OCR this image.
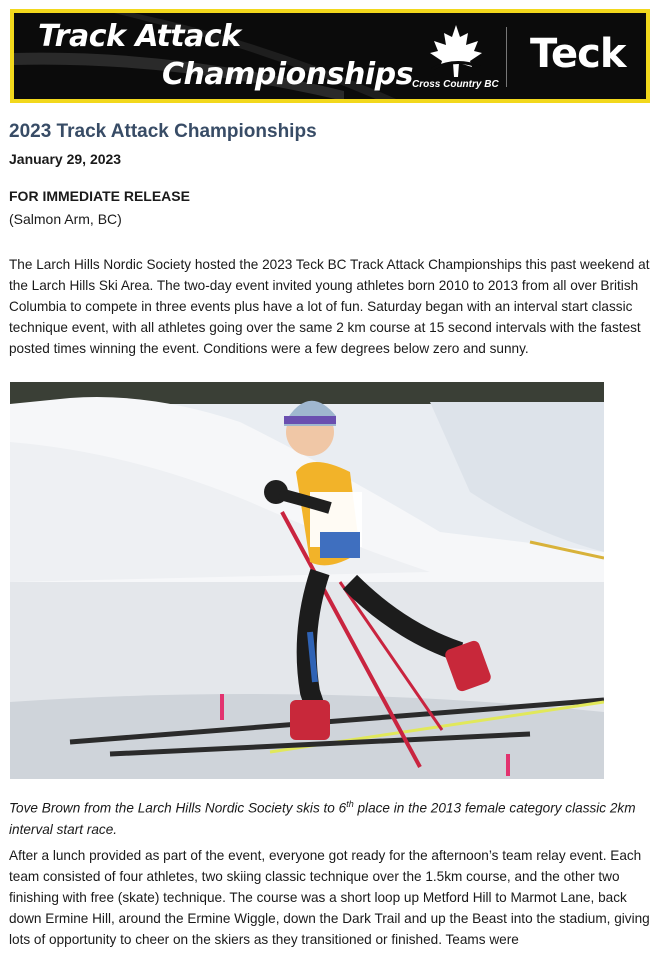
Track Attack
Championships Cross Country BC
Teck
2023 Track Attack Championships
January 29, 2023
FOR IMMEDIATE RELEASE
(Salmon Arm, BC)
The Larch Hills Nordic Society hosted the 2023 Teck BC Track Attack Championships this past weekend at the Larch Hills Ski Area. The two-day event invited young athletes born 2010 to 2013 from all over British Columbia to compete in three events plus have a lot of fun. Saturday began with an interval start classic technique event, with all athletes going over the same 2 km course at 15 second intervals with the fastest posted times winning the event. Conditions were a few degrees below zero and sunny.
Tove Brown from the Larch Hills Nordic Society skis to 6th place in the 2013 female category classic 2km interval start race.
After a lunch provided as part of the event, everyone got ready for the afternoon’s team relay event. Each team consisted of four athletes, two skiing classic technique over the 1.5km course, and the other two finishing with free (skate) technique. The course was a short loop up Metford Hill to Marmot Lane, back down Ermine Hill, around the Ermine Wiggle, down the Dark Trail and up the Beast into the stadium, giving lots of opportunity to cheer on the skiers as they transitioned or finished. Teams were
